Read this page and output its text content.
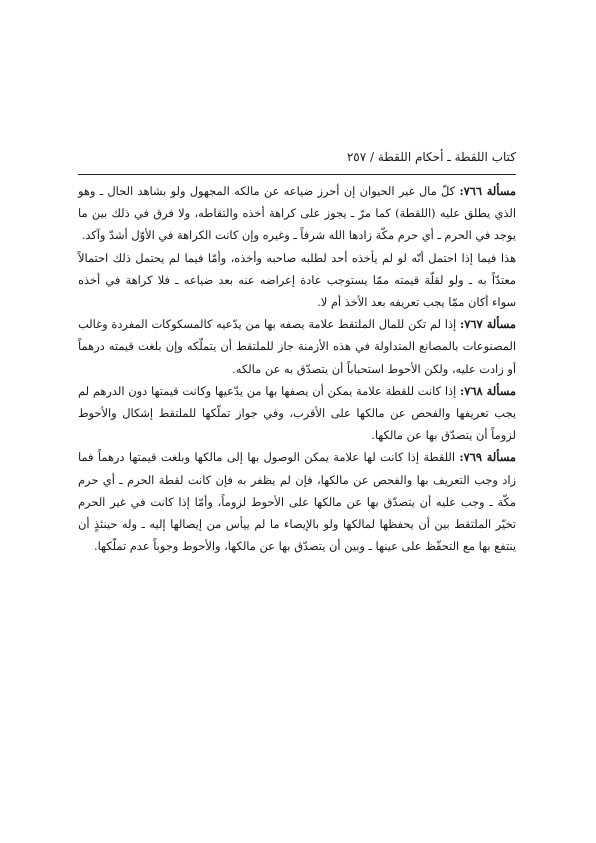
كتاب اللقطة ـ أحكام اللقطة / ٢٥٧

مسألة ٧٦٦: كلّ مال غير الحيوان إن أحرز ضياعه عن مالكه المجهول ولو بشاهد الحال ـ وهو الذي يطلق عليه (اللقطة) كما مرّ ـ يجوز على كراهة أخذه والتقاطه، ولا فرق في ذلك بين ما يوجد في الحرم ـ أي حرم مكّة زادها الله شرفاً ـ وغيره وإن كانت الكراهة في الأوّل أشدّ وآكد.

هذا فيما إذا احتمل أنّه لو لم يأخذه أحد لطلبه صاحبه وأخذه، وأمّا فيما لم يحتمل ذلك احتمالاً معتدّاً به ـ ولو لقلّة قيمته ممّا يستوجب عادة إعراضه عنه بعد ضياعه ـ فلا كراهة في أخذه سواء أكان ممّا يجب تعريفه بعد الأخذ أم لا.

مسألة ٧٦٧: إذا لم تكن للمال الملتقط علامة يصفه بها من يدّعيه كالمسكوكات المفردة وغالب المصنوعات بالمصانع المتداولة في هذه الأزمنة جاز للملتقط أن يتملّكه وإن بلغت قيمته درهماً أو زادت عليه، ولكن الأحوط استحباباً أن يتصدّق به عن مالكه.

مسألة ٧٦٨: إذا كانت للقطة علامة يمكن أن يصفها بها من يدّعيها وكانت قيمتها دون الدرهم لم يجب تعريفها والفحص عن مالكها على الأقرب، وفي جواز تملّكها للملتقط إشكال والأحوط لزوماً أن يتصدّق بها عن مالكها.

مسألة ٧٦٩: اللقطة إذا كانت لها علامة يمكن الوصول بها إلى مالكها وبلغت قيمتها درهماً فما زاد وجب التعريف بها والفحص عن مالكها، فإن لم يظفر به فإن كانت لقطة الحرم ـ أي حرم مكّة ـ وجب عليه أن يتصدّق بها عن مالكها على الأحوط لزوماً، وأمّا إذا كانت في غير الحرم تخيّر الملتقط بين أن يحفظها لمالكها ولو بالإيصاء ما لم ييأس من إيصالها إليه ـ وله حينئذٍ أن ينتفع بها مع التحفّظ على عينها ـ وبين أن يتصدّق بها عن مالكها، والأحوط وجوباً عدم تملّكها.
